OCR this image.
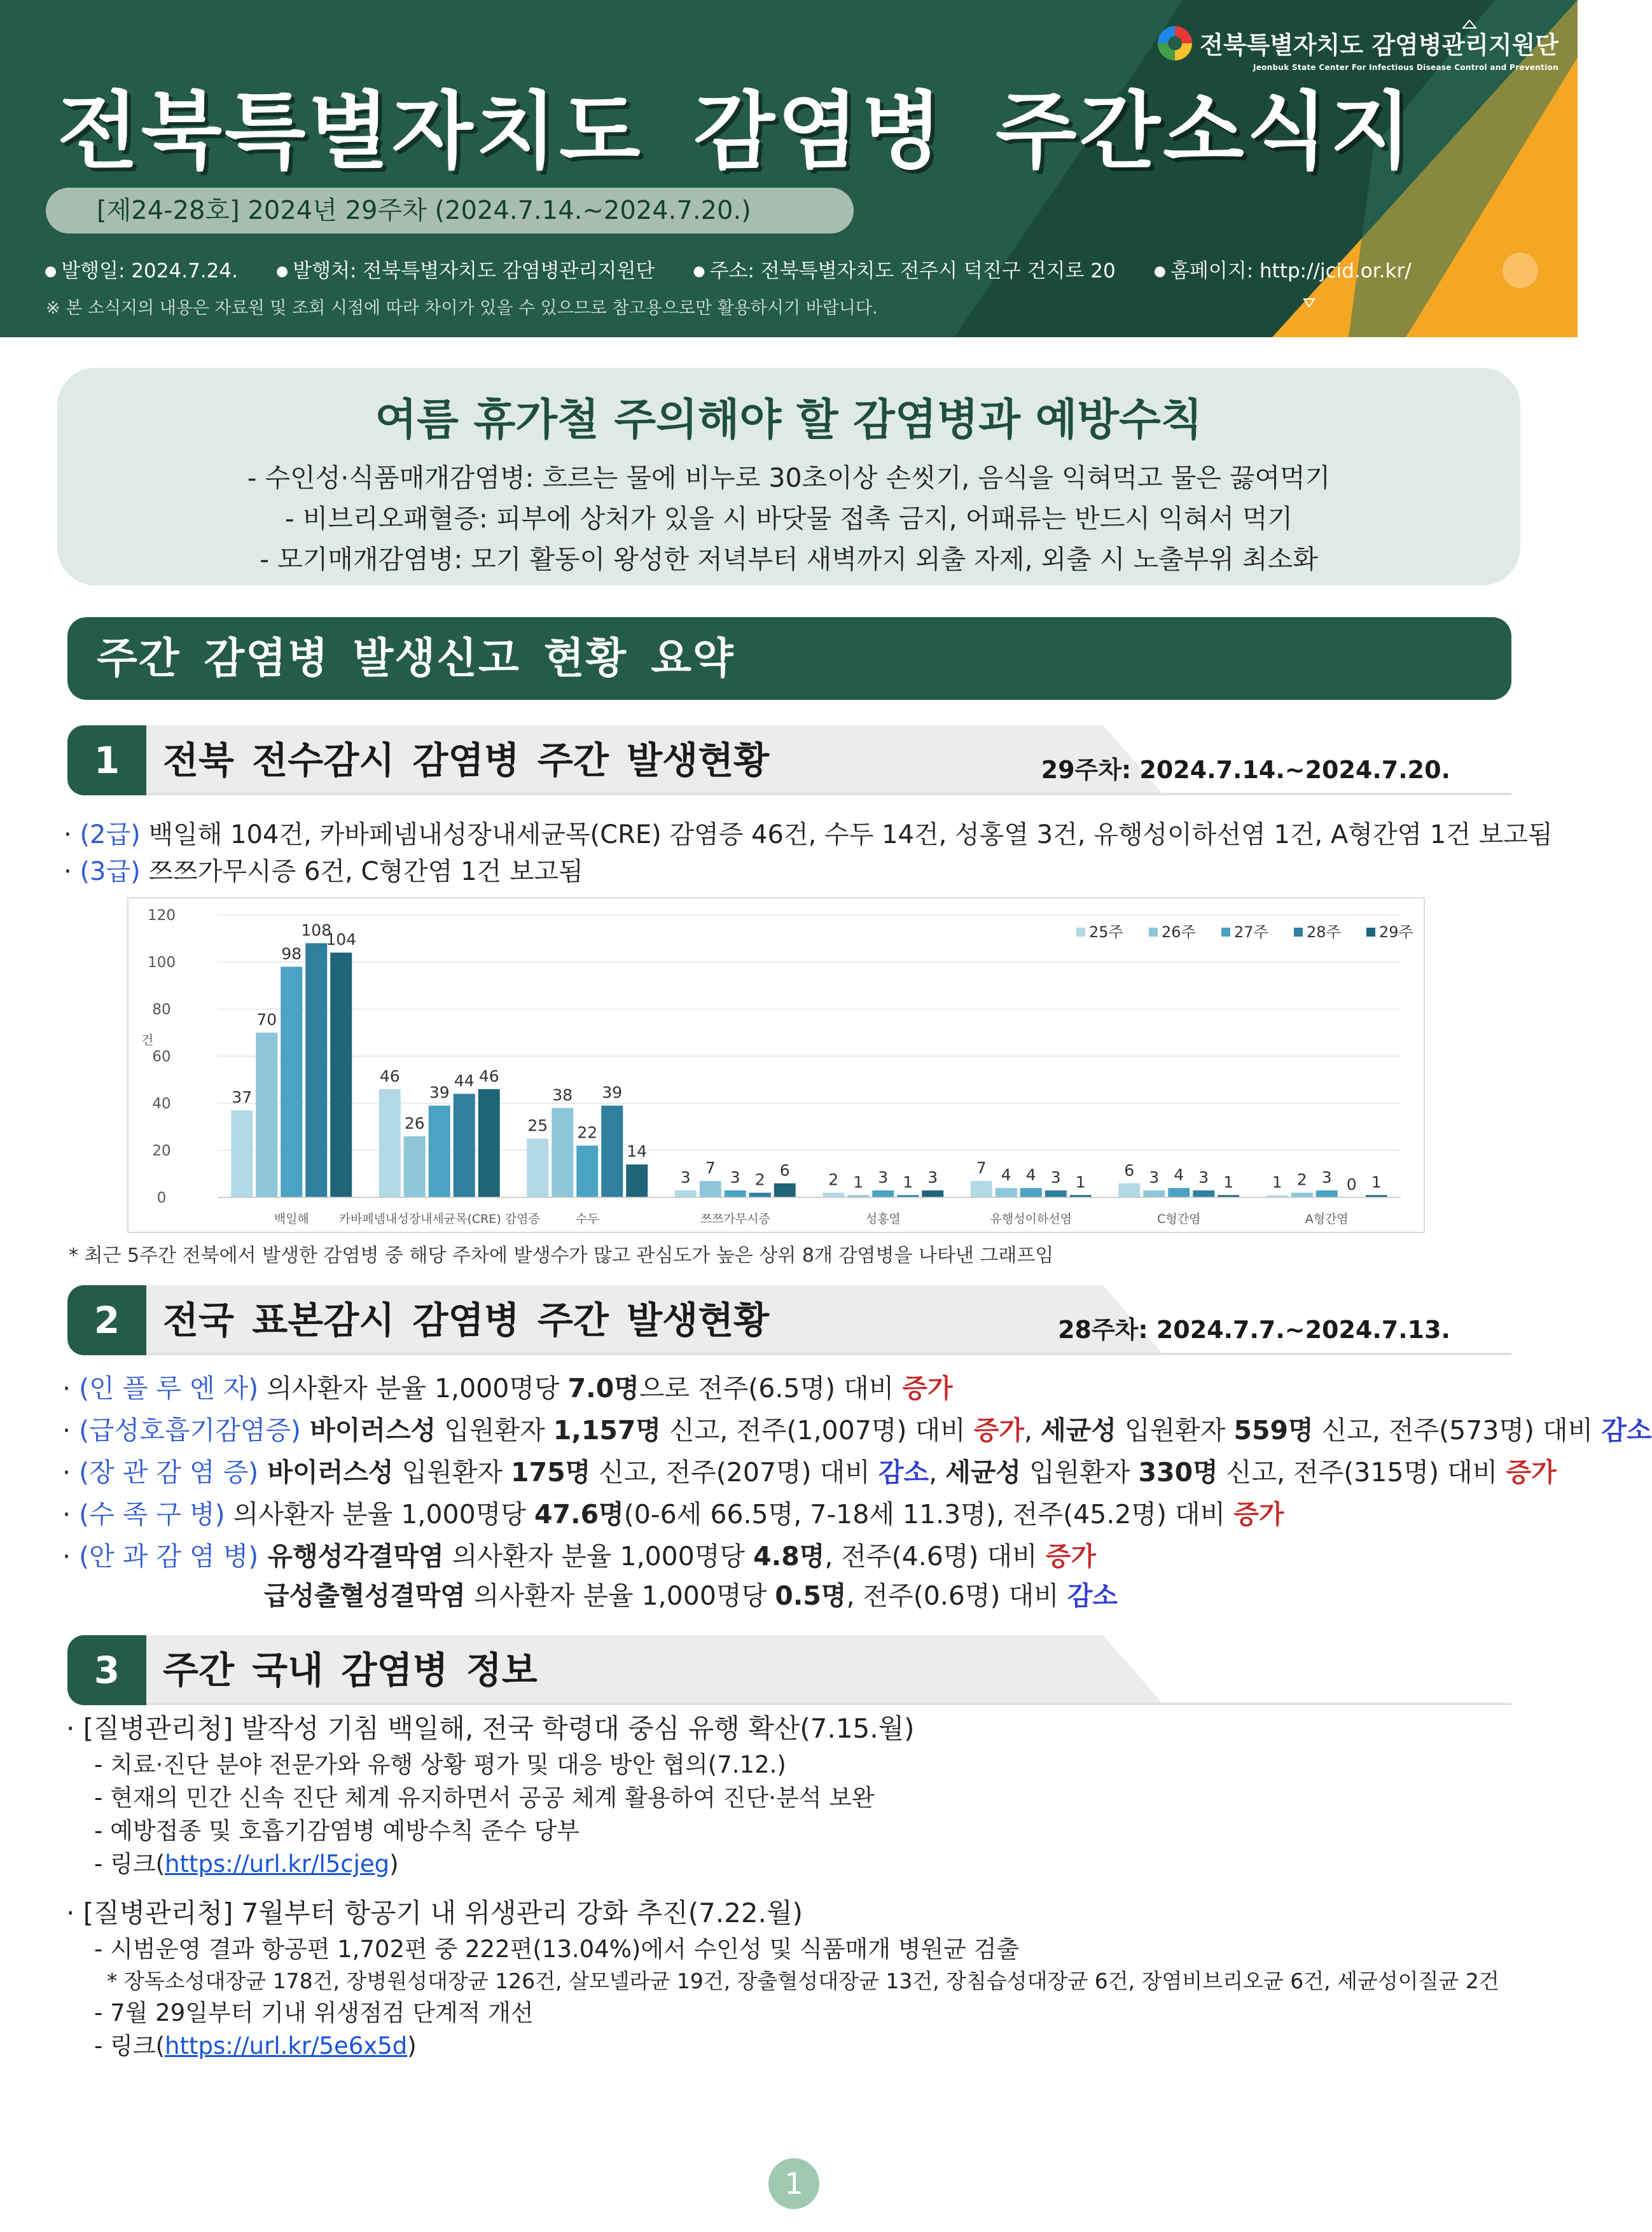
전북특별자치도 감염병관리지원단
Jeonbuk State Center For Infectious Disease Control and Prevention
전북특별자치도 감염병 주간소식지
[제24-28호] 2024년 29주차 (2024.7.14.~2024.7.20.)
● 발행일: 2024.7.24.	● 발행처: 전북특별자치도 감염병관리지원단	● 주소: 전북특별자치도 전주시 덕진구 건지로 20	● 홈페이지: http://jcid.or.kr/
※ 본 소식지의 내용은 자료원 및 조회 시점에 따라 차이가 있을 수 있으므로 참고용으로만 활용하시기 바랍니다.
여름 휴가철 주의해야 할 감염병과 예방수칙
- 수인성·식품매개감염병: 흐르는 물에 비누로 30초이상 손씻기, 음식을 익혀먹고 물은 끓여먹기
- 비브리오패혈증: 피부에 상처가 있을 시 바닷물 접촉 금지, 어패류는 반드시 익혀서 먹기
- 모기매개감염병: 모기 활동이 왕성한 저녁부터 새벽까지 외출 자제, 외출 시 노출부위 최소화
주간 감염병 발생신고 현황 요약
1	전북 전수감시 감염병 주간 발생현황	29주차: 2024.7.14.~2024.7.20.
· (2급) 백일해 104건, 카바페넴내성장내세균목(CRE) 감염증 46건, 수두 14건, 성홍열 3건, 유행성이하선염 1건, A형간염 1건 보고됨
· (3급) 쯔쯔가무시증 6건, C형간염 1건 보고됨
0
20
40
60
80
100
120
건
37
70
98
108
104
백일해
46
26
39
44 46
카바페넴내성장내세균목(CRE) 감염증
25
38
22
39
14
수두
3
7
3 2
6
쯔쯔가무시증
2 1 3 1 3
성홍열
7 4 4 3 1
유행성이하선염
6 3 4 3 1
C형간염
1 2 3 0 1
A형간염
25주	26주	27주	28주	29주
* 최근 5주간 전북에서 발생한 감염병 중 해당 주차에 발생수가 많고 관심도가 높은 상위 8개 감염병을 나타낸 그래프임
2	전국 표본감시 감염병 주간 발생현황	28주차: 2024.7.7.~2024.7.13.
· (인 플 루 엔 자) 의사환자 분율 1,000명당 7.0명으로 전주(6.5명) 대비 증가
· (급성호흡기감염증) 바이러스성 입원환자 1,157명 신고, 전주(1,007명) 대비 증가, 세균성 입원환자 559명 신고, 전주(573명) 대비 감소
· (장 관 감 염 증) 바이러스성 입원환자 175명 신고, 전주(207명) 대비 감소, 세균성 입원환자 330명 신고, 전주(315명) 대비 증가
· (수 족 구 병) 의사환자 분율 1,000명당 47.6명(0-6세 66.5명, 7-18세 11.3명), 전주(45.2명) 대비 증가
· (안 과 감 염 병) 유행성각결막염 의사환자 분율 1,000명당 4.8명, 전주(4.6명) 대비 증가
급성출혈성결막염 의사환자 분율 1,000명당 0.5명, 전주(0.6명) 대비 감소
3	주간 국내 감염병 정보
· [질병관리청] 발작성 기침 백일해, 전국 학령대 중심 유행 확산(7.15.월)
- 치료·진단 분야 전문가와 유행 상황 평가 및 대응 방안 협의(7.12.)
- 현재의 민간 신속 진단 체계 유지하면서 공공 체계 활용하여 진단·분석 보완
- 예방접종 및 호흡기감염병 예방수칙 준수 당부
- 링크(https://url.kr/l5cjeg)
· [질병관리청] 7월부터 항공기 내 위생관리 강화 추진(7.22.월)
- 시범운영 결과 항공편 1,702편 중 222편(13.04%)에서 수인성 및 식품매개 병원균 검출
* 장독소성대장균 178건, 장병원성대장균 126건, 살모넬라균 19건, 장출혈성대장균 13건, 장침습성대장균 6건, 장염비브리오균 6건, 세균성이질균 2건
- 7월 29일부터 기내 위생점검 단계적 개선
- 링크(https://url.kr/5e6x5d)
1
